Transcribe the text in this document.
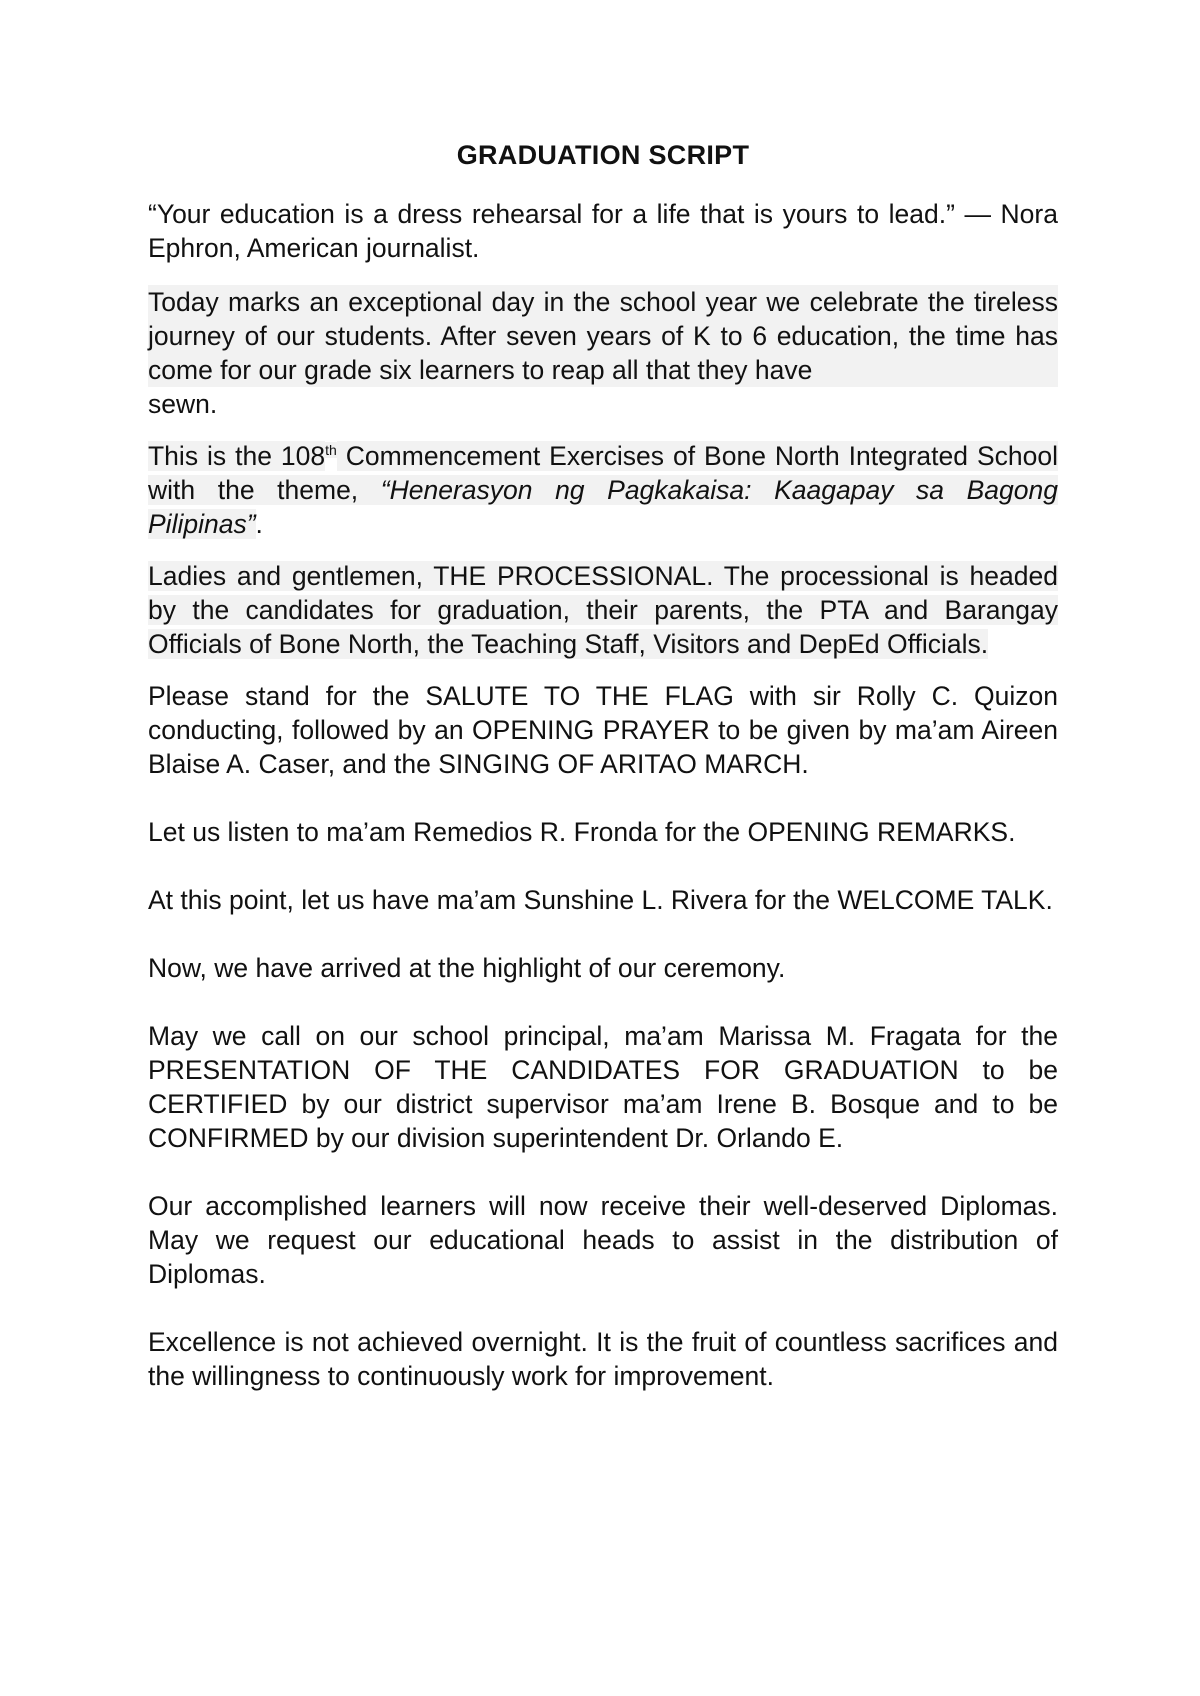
GRADUATION SCRIPT

“Your education is a dress rehearsal for a life that is yours to lead.” — Nora Ephron, American journalist.

Today marks an exceptional day in the school year we celebrate the tireless journey of our students. After seven years of K to 6 education, the time has come for our grade six learners to reap all that they have

sewn.

This is the 108th Commencement Exercises of Bone North Integrated School with the theme, “Henerasyon ng Pagkakaisa: Kaagapay sa Bagong Pilipinas”.

Ladies and gentlemen, THE PROCESSIONAL. The processional is headed by the candidates for graduation, their parents, the PTA and Barangay Officials of Bone North, the Teaching Staff, Visitors and DepEd Officials.

Please stand for the SALUTE TO THE FLAG with sir Rolly C. Quizon conducting, followed by an OPENING PRAYER to be given by ma’am Aireen Blaise A. Caser, and the SINGING OF ARITAO MARCH.

Let us listen to ma’am Remedios R. Fronda for the OPENING REMARKS.

At this point, let us have ma’am Sunshine L. Rivera for the WELCOME TALK.

Now, we have arrived at the highlight of our ceremony.

May we call on our school principal, ma’am Marissa M. Fragata for the PRESENTATION OF THE CANDIDATES FOR GRADUATION to be CERTIFIED by our district supervisor ma’am Irene B. Bosque and to be CONFIRMED by our division superintendent Dr. Orlando E.

Our accomplished learners will now receive their well-deserved Diplomas. May we request our educational heads to assist in the distribution of Diplomas.

Excellence is not achieved overnight. It is the fruit of countless sacrifices and the willingness to continuously work for improvement.
